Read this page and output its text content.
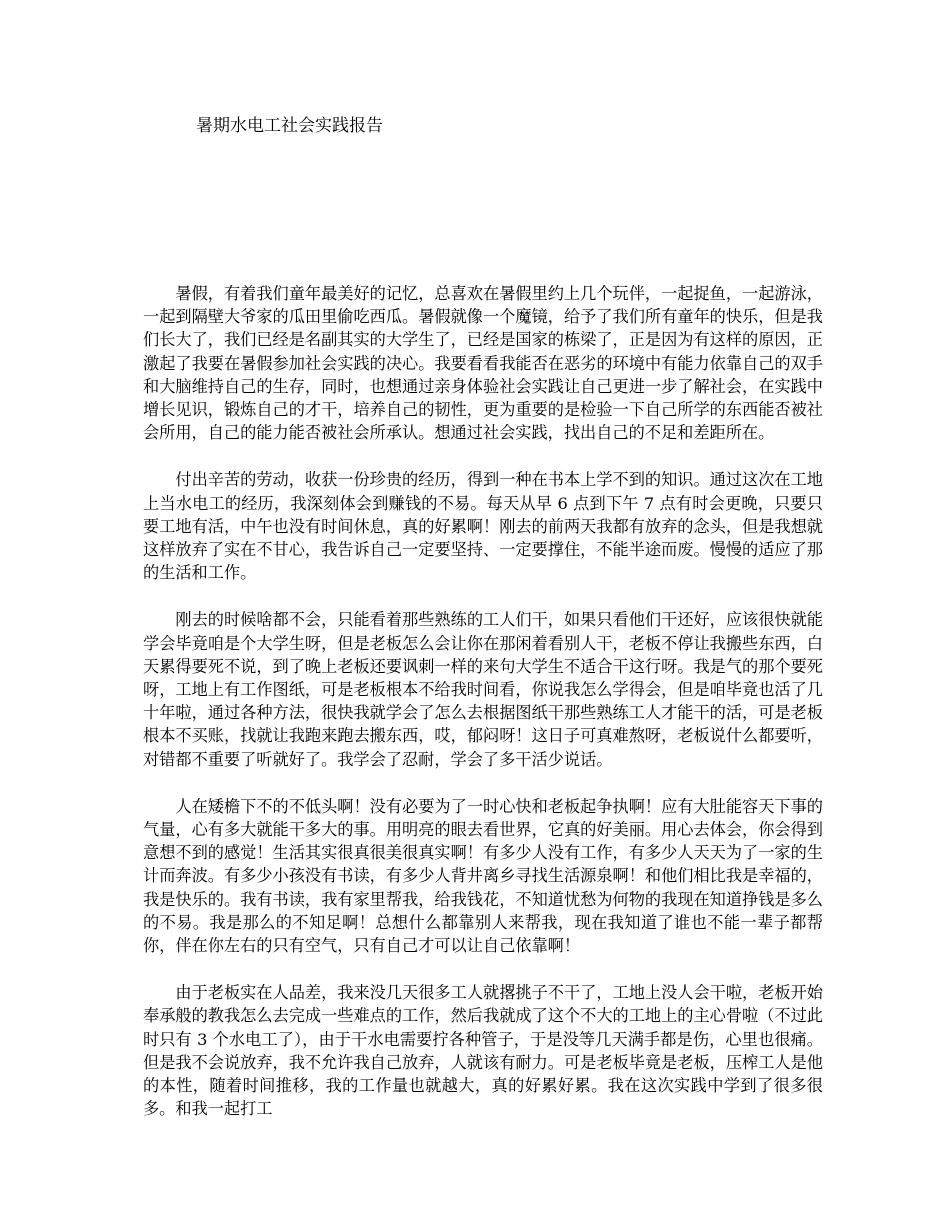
暑期水电工社会实践报告

暑假，有着我们童年最美好的记忆，总喜欢在暑假里约上几个玩伴，一起捉鱼，一起游泳，一起到隔壁大爷家的瓜田里偷吃西瓜。暑假就像一个魔镜，给予了我们所有童年的快乐，但是我们长大了，我们已经是名副其实的大学生了，已经是国家的栋梁了，正是因为有这样的原因，正激起了我要在暑假参加社会实践的决心。我要看看我能否在恶劣的环境中有能力依靠自己的双手和大脑维持自己的生存，同时，也想通过亲身体验社会实践让自己更进一步了解社会，在实践中增长见识，锻炼自己的才干，培养自己的韧性，更为重要的是检验一下自己所学的东西能否被社会所用，自己的能力能否被社会所承认。想通过社会实践，找出自己的不足和差距所在。

付出辛苦的劳动，收获一份珍贵的经历，得到一种在书本上学不到的知识。通过这次在工地上当水电工的经历，我深刻体会到赚钱的不易。每天从早 6 点到下午 7 点有时会更晚，只要只要工地有活，中午也没有时间休息，真的好累啊！刚去的前两天我都有放弃的念头，但是我想就这样放弃了实在不甘心，我告诉自己一定要坚持、一定要撑住，不能半途而废。慢慢的适应了那的生活和工作。

刚去的时候啥都不会，只能看着那些熟练的工人们干，如果只看他们干还好，应该很快就能学会毕竟咱是个大学生呀，但是老板怎么会让你在那闲着看别人干，老板不停让我搬些东西，白天累得要死不说，到了晚上老板还要讽刺一样的来句大学生不适合干这行呀。我是气的那个要死呀，工地上有工作图纸，可是老板根本不给我时间看，你说我怎么学得会，但是咱毕竟也活了几十年啦，通过各种方法，很快我就学会了怎么去根据图纸干那些熟练工人才能干的活，可是老板根本不买账，找就让我跑来跑去搬东西，哎，郁闷呀！这日子可真难熬呀，老板说什么都要听，对错都不重要了听就好了。我学会了忍耐，学会了多干活少说话。

人在矮檐下不的不低头啊！没有必要为了一时心快和老板起争执啊！应有大肚能容天下事的气量，心有多大就能干多大的事。用明亮的眼去看世界，它真的好美丽。用心去体会，你会得到意想不到的感觉！生活其实很真很美很真实啊！有多少人没有工作，有多少人天天为了一家的生计而奔波。有多少小孩没有书读，有多少人背井离乡寻找生活源泉啊！和他们相比我是幸福的，我是快乐的。我有书读，我有家里帮我，给我钱花，不知道忧愁为何物的我现在知道挣钱是多么的不易。我是那么的不知足啊！总想什么都靠别人来帮我，现在我知道了谁也不能一辈子都帮你，伴在你左右的只有空气，只有自己才可以让自己依靠啊！

由于老板实在人品差，我来没几天很多工人就撂挑子不干了，工地上没人会干啦，老板开始奉承般的教我怎么去完成一些难点的工作，然后我就成了这个不大的工地上的主心骨啦（不过此时只有 3 个水电工了），由于干水电需要拧各种管子，于是没等几天满手都是伤，心里也很痛。但是我不会说放弃，我不允许我自己放弃，人就该有耐力。可是老板毕竟是老板，压榨工人是他的本性，随着时间推移，我的工作量也就越大，真的好累好累。我在这次实践中学到了很多很多。和我一起打工
